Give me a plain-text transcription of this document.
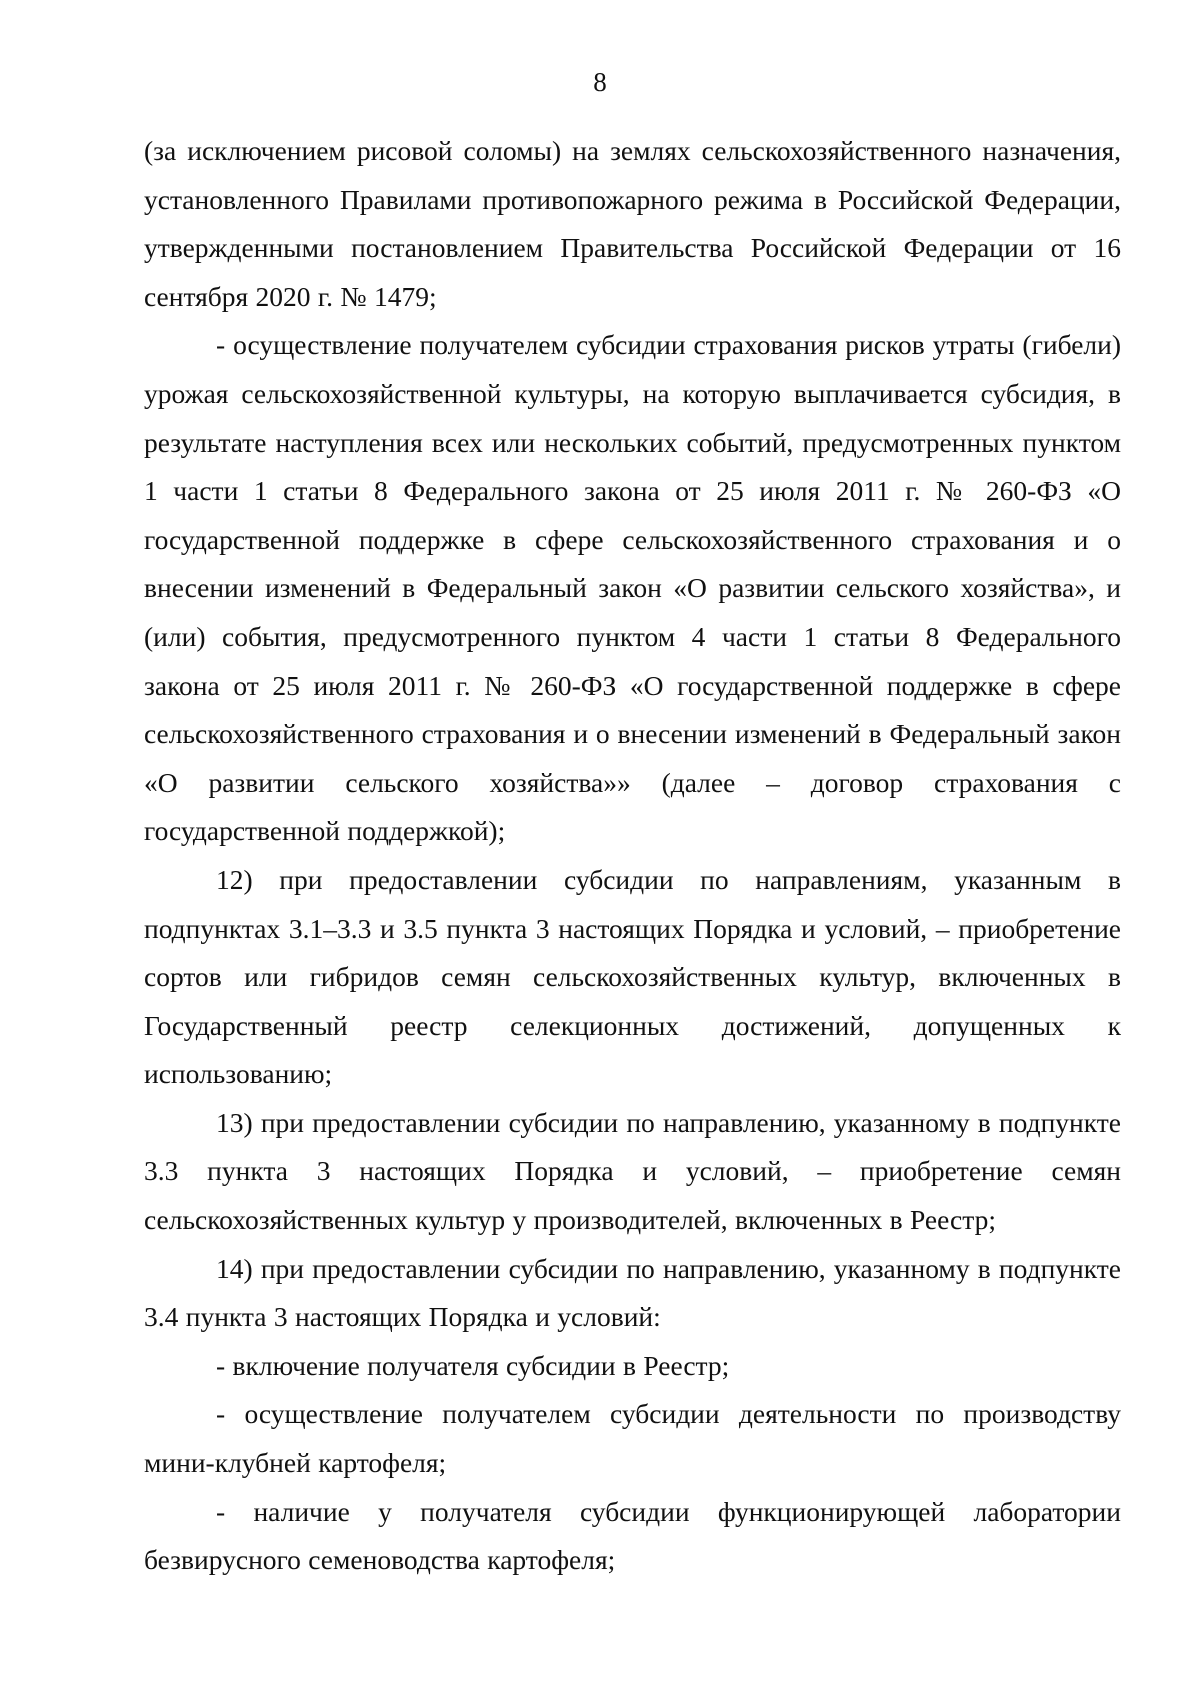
8

(за исключением рисовой соломы) на землях сельскохозяйственного назначения, установленного Правилами противопожарного режима в Российской Федерации, утвержденными постановлением Правительства Российской Федерации от 16 сентября 2020 г. № 1479;

- осуществление получателем субсидии страхования рисков утраты (гибели) урожая сельскохозяйственной культуры, на которую выплачивается субсидия, в результате наступления всех или нескольких событий, предусмотренных пунктом 1 части 1 статьи 8 Федерального закона от 25 июля 2011 г. № 260-ФЗ «О государственной поддержке в сфере сельскохозяйственного страхования и о внесении изменений в Федеральный закон «О развитии сельского хозяйства», и (или) события, предусмотренного пунктом 4 части 1 статьи 8 Федерального закона от 25 июля 2011 г. № 260-ФЗ «О государственной поддержке в сфере сельскохозяйственного страхования и о внесении изменений в Федеральный закон «О развитии сельского хозяйства»» (далее – договор страхования с государственной поддержкой);

12) при предоставлении субсидии по направлениям, указанным в подпунктах 3.1–3.3 и 3.5 пункта 3 настоящих Порядка и условий, – приобретение сортов или гибридов семян сельскохозяйственных культур, включенных в Государственный реестр селекционных достижений, допущенных к использованию;

13) при предоставлении субсидии по направлению, указанному в подпункте 3.3 пункта 3 настоящих Порядка и условий, – приобретение семян сельскохозяйственных культур у производителей, включенных в Реестр;

14) при предоставлении субсидии по направлению, указанному в подпункте 3.4 пункта 3 настоящих Порядка и условий:

- включение получателя субсидии в Реестр;

- осуществление получателем субсидии деятельности по производству мини-клубней картофеля;

- наличие у получателя субсидии функционирующей лаборатории безвирусного семеноводства картофеля;
